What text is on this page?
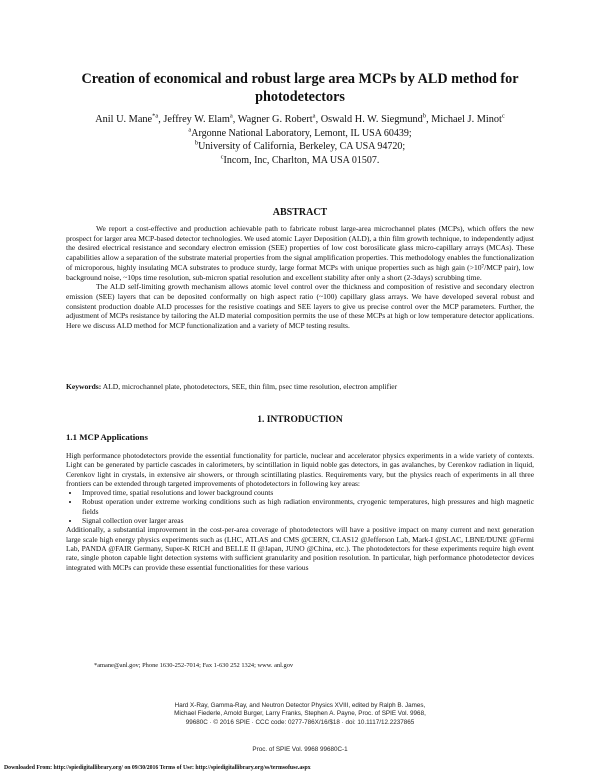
Creation of economical and robust large area MCPs by ALD method for photodetectors
Anil U. Mane$^{*a}$, Jeffrey W. Elam$^a$, Wagner G. Robert$^a$, Oswald H. W. Siegmund$^b$, Michael J. Minot$^c$
$^a$Argonne National Laboratory, Lemont, IL USA 60439;
$^b$University of California, Berkeley, CA USA 94720;
$^c$Incom, Inc, Charlton, MA USA 01507.
ABSTRACT

We report a cost-effective and production achievable path to fabricate robust large-area microchannel plates (MCPs), which offers the new prospect for larger area MCP-based detector technologies. We used atomic Layer Deposition (ALD), a thin film growth technique, to independently adjust the desired electrical resistance and secondary electron emission (SEE) properties of low cost borosilicate glass micro-capillary arrays (MCAs). These capabilities allow a separation of the substrate material properties from the signal amplification properties. This methodology enables the functionalization of microporous, highly insulating MCA substrates to produce sturdy, large format MCPs with unique properties such as high gain (>10⁷/MCP pair), low background noise, ~10ps time resolution, sub-micron spatial resolution and excellent stability after only a short (2-3days) scrubbing time.

The ALD self-limiting growth mechanism allows atomic level control over the thickness and composition of resistive and secondary electron emission (SEE) layers that can be deposited conformally on high aspect ratio (~100) capillary glass arrays. We have developed several robust and consistent production doable ALD processes for the resistive coatings and SEE layers to give us precise control over the MCP parameters. Further, the adjustment of MCPs resistance by tailoring the ALD material composition permits the use of these MCPs at high or low temperature detector applications. Here we discuss ALD method for MCP functionalization and a variety of MCP testing results.

Keywords: ALD, microchannel plate, photodetectors, SEE, thin film, psec time resolution, electron amplifier
1. INTRODUCTION
1.1 MCP Applications

High performance photodetectors provide the essential functionality for particle, nuclear and accelerator physics experiments in a wide variety of contexts. Light can be generated by particle cascades in calorimeters, by scintillation in liquid noble gas detectors, in gas avalanches, by Cerenkov radiation in liquid, Cerenkov light in crystals, in extensive air showers, or through scintillating plastics. Requirements vary, but the physics reach of experiments in all three frontiers can be extended through targeted improvements of photodetectors in following key areas:

• Improved time, spatial resolutions and lower background counts
• Robust operation under extreme working conditions such as high radiation environments, cryogenic temperatures, high pressures and high magnetic fields
• Signal collection over larger areas

Additionally, a substantial improvement in the cost-per-area coverage of photodetectors will have a positive impact on many current and next generation large scale high energy physics experiments such as (LHC, ATLAS and CMS @CERN, CLAS12 @Jefferson Lab, Mark-I @SLAC, LBNE/DUNE @Fermi Lab, PANDA @FAIR Germany, Super-K RICH and BELLE II @Japan, JUNO @China, etc.). The photodetectors for these experiments require high event rate, single photon capable light detection systems with sufficient granularity and position resolution. In particular, high performance photodetector devices integrated with MCPs can provide these essential functionalities for these various

*amane@anl.gov; Phone 1630-252-7014; Fax 1-630 252 1324; www. anl.gov
Hard X-Ray, Gamma-Ray, and Neutron Detector Physics XVIII, edited by Ralph B. James,
Michael Fiederle, Arnold Burger, Larry Franks, Stephen A. Payne, Proc. of SPIE Vol. 9968,
99680C · © 2016 SPIE · CCC code: 0277-786X/16/$18 · doi: 10.1117/12.2237865
Proc. of SPIE Vol. 9968 99680C-1
Downloaded From: http://spiedigitallibrary.org/ on 09/30/2016 Terms of Use: http://spiedigitallibrary.org/ss/termsofuse.aspx
